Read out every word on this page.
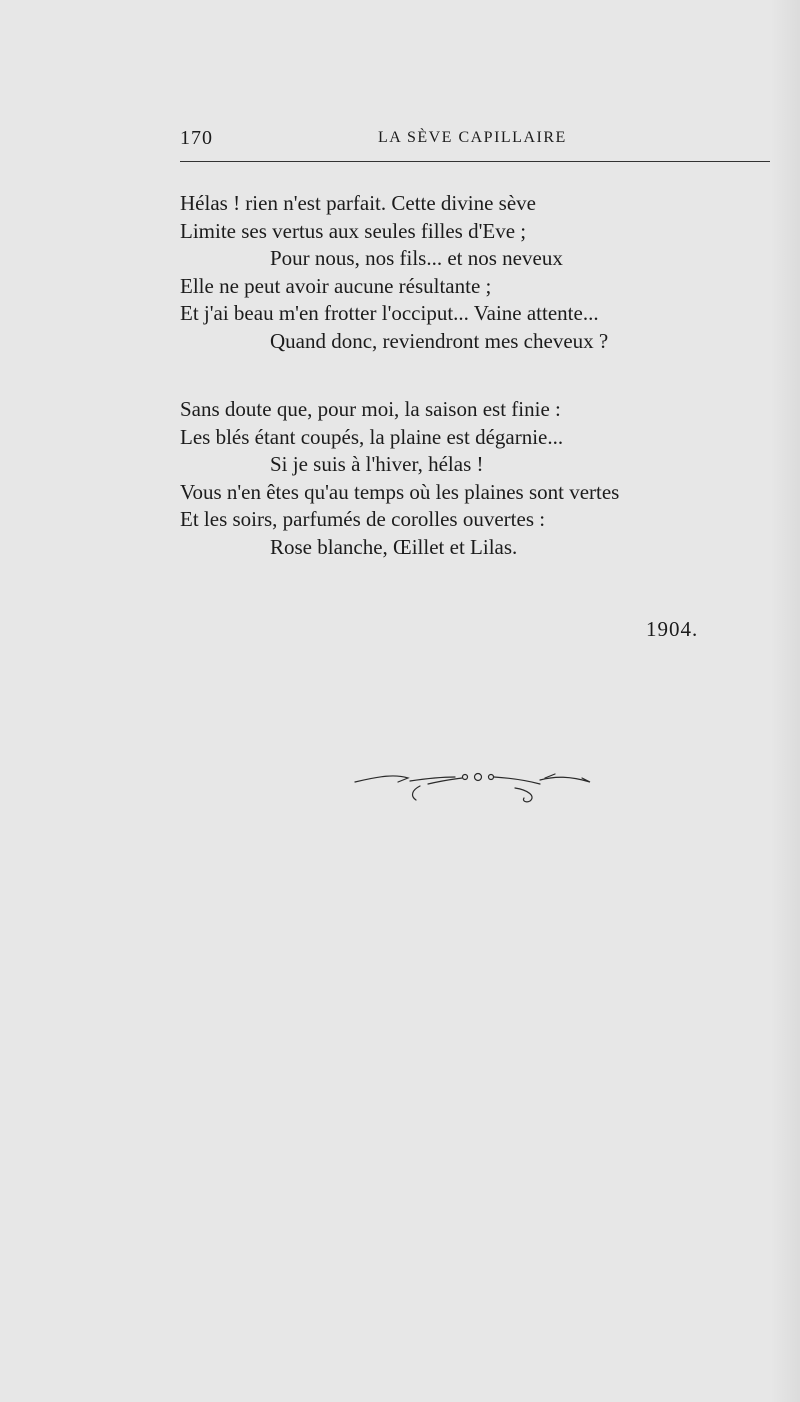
170	LA SÈVE CAPILLAIRE
Hélas ! rien n'est parfait. Cette divine sève
Limite ses vertus aux seules filles d'Eve ;
Pour nous, nos fils... et nos neveux
Elle ne peut avoir aucune résultante ;
Et j'ai beau m'en frotter l'occiput... Vaine attente...
Quand donc, reviendront mes cheveux ?
Sans doute que, pour moi, la saison est finie :
Les blés étant coupés, la plaine est dégarnie...
Si je suis à l'hiver, hélas !
Vous n'en êtes qu'au temps où les plaines sont vertes
Et les soirs, parfumés de corolles ouvertes :
Rose blanche, Œillet et Lilas.
1904.
